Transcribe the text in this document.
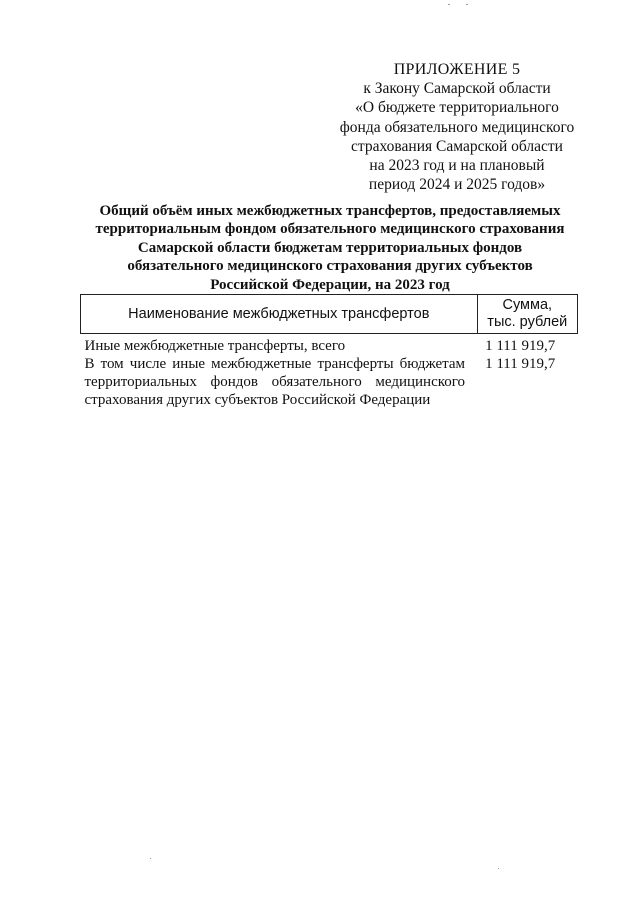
ПРИЛОЖЕНИЕ 5
к Закону Самарской области
«О бюджете территориального
фонда обязательного медицинского
страхования Самарской области
на 2023 год и на плановый
период 2024 и 2025 годов»
Общий объём иных межбюджетных трансфертов, предоставляемых
территориальным фондом обязательного медицинского страхования
Самарской области бюджетам территориальных фондов
обязательного медицинского страхования других субъектов
Российской Федерации, на 2023 год
Наименование межбюджетных трансфертов	Сумма,
тыс. рублей

Иные межбюджетные трансферты, всего	1 111 919,7
В том числе иные межбюджетные трансферты бюджетам территориальных фондов обязательного медицинского страхования других субъектов Российской Федерации	1 111 919,7
